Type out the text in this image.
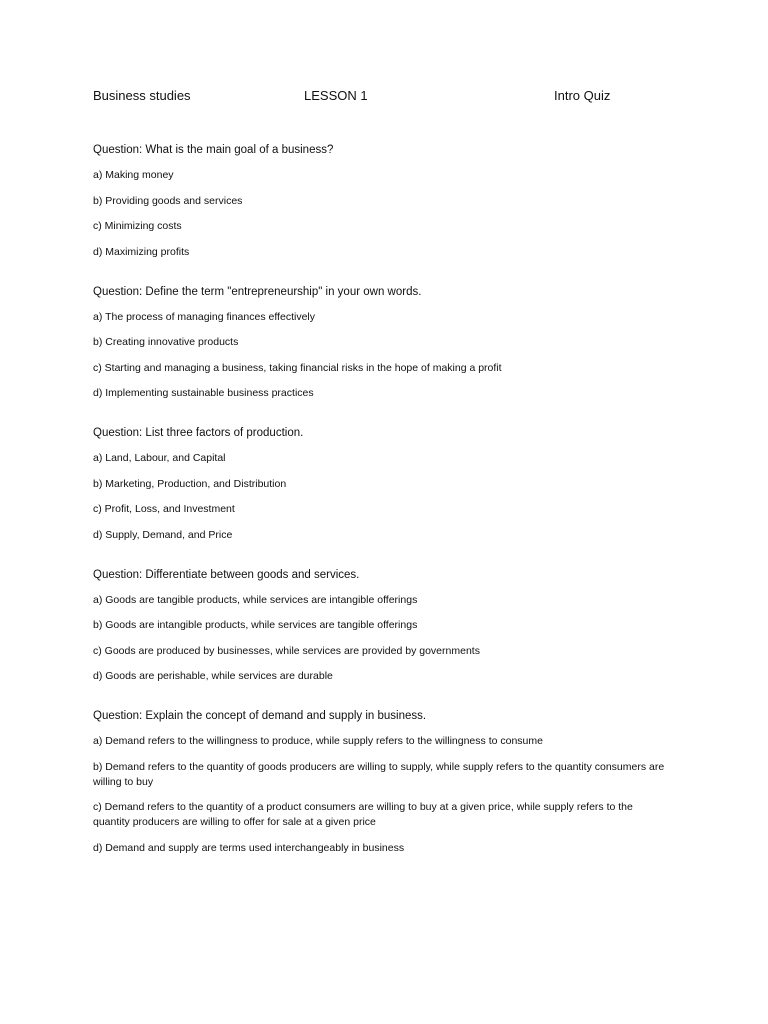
Business studies	LESSON 1	Intro Quiz
Question: What is the main goal of a business?
a) Making money
b) Providing goods and services
c) Minimizing costs
d) Maximizing profits
Question: Define the term "entrepreneurship" in your own words.
a) The process of managing finances effectively
b) Creating innovative products
c) Starting and managing a business, taking financial risks in the hope of making a profit
d) Implementing sustainable business practices
Question: List three factors of production.
a) Land, Labour, and Capital
b) Marketing, Production, and Distribution
c) Profit, Loss, and Investment
d) Supply, Demand, and Price
Question: Differentiate between goods and services.
a) Goods are tangible products, while services are intangible offerings
b) Goods are intangible products, while services are tangible offerings
c) Goods are produced by businesses, while services are provided by governments
d) Goods are perishable, while services are durable
Question: Explain the concept of demand and supply in business.
a) Demand refers to the willingness to produce, while supply refers to the willingness to consume
b) Demand refers to the quantity of goods producers are willing to supply, while supply refers to the quantity consumers are willing to buy
c) Demand refers to the quantity of a product consumers are willing to buy at a given price, while supply refers to the quantity producers are willing to offer for sale at a given price
d) Demand and supply are terms used interchangeably in business
